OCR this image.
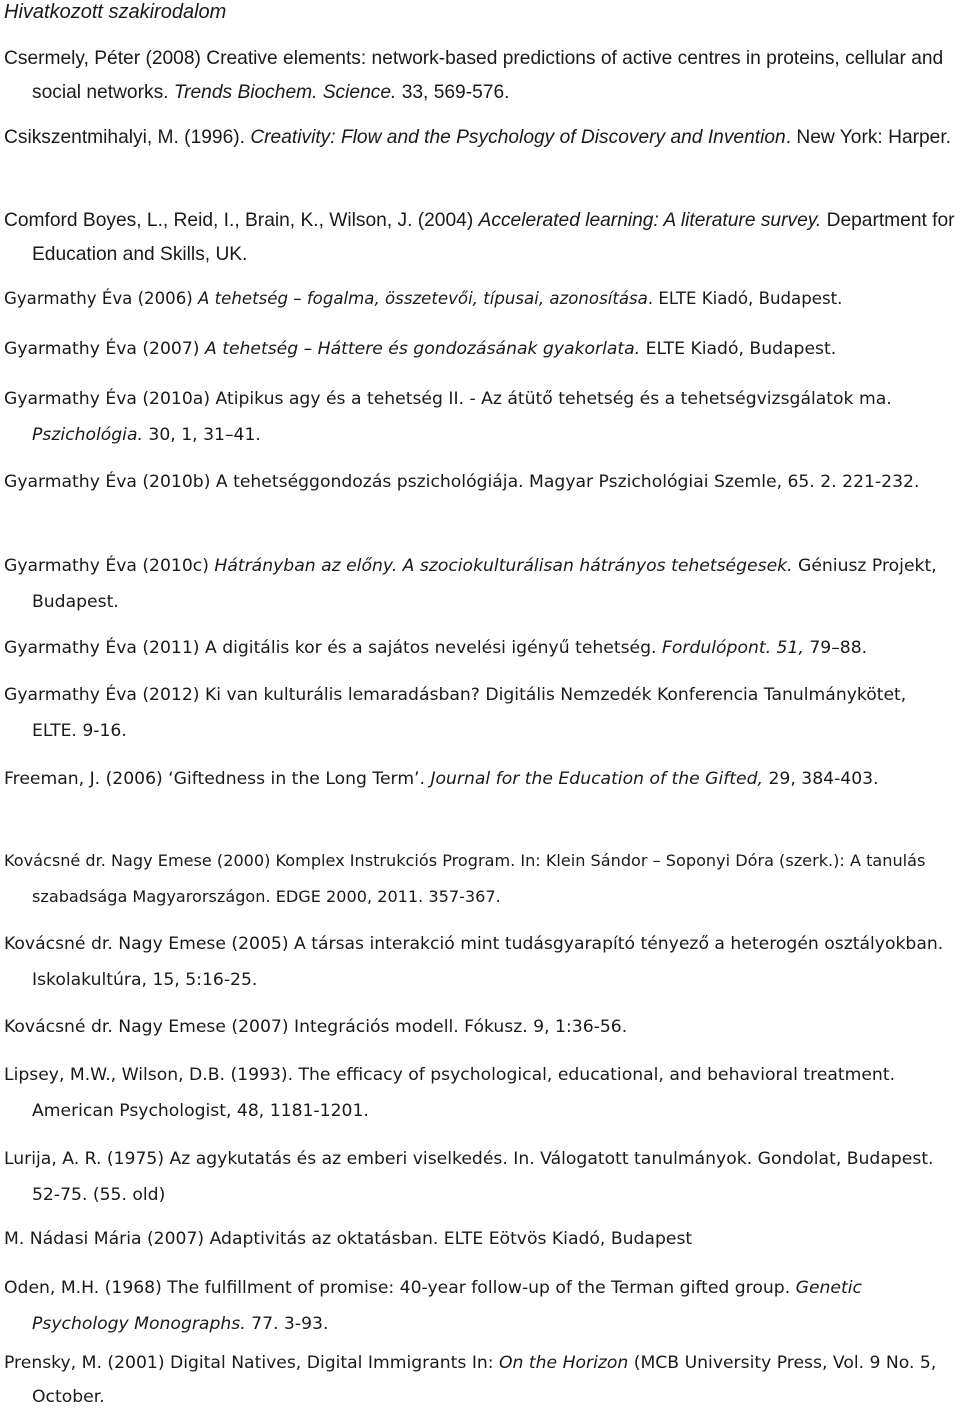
Hivatkozott szakirodalom
Csermely, Péter (2008) Creative elements: network-based predictions of active centres in proteins, cellular and social networks. Trends Biochem. Science. 33, 569-576.
Csikszentmihalyi, M. (1996). Creativity: Flow and the Psychology of Discovery and Invention. New York: Harper.
Comford Boyes, L., Reid, I., Brain, K., Wilson, J. (2004) Accelerated learning: A literature survey. Department for Education and Skills, UK.
Gyarmathy Éva (2006) A tehetség – fogalma, összetevői, típusai, azonosítása. ELTE Kiadó, Budapest.
Gyarmathy Éva (2007) A tehetség – Háttere és gondozásának gyakorlata. ELTE Kiadó, Budapest.
Gyarmathy Éva (2010a) Atipikus agy és a tehetség II. - Az átütő tehetség és a tehetségvizsgálatok ma. Pszichológia. 30, 1, 31–41.
Gyarmathy Éva (2010b) A tehetséggondozás pszichológiája. Magyar Pszichológiai Szemle, 65. 2. 221-232.
Gyarmathy Éva (2010c) Hátrányban az előny. A szociokulturálisan hátrányos tehetségesek. Géniusz Projekt, Budapest.
Gyarmathy Éva (2011) A digitális kor és a sajátos nevelési igényű tehetség. Fordulópont. 51, 79–88.
Gyarmathy Éva (2012) Ki van kulturális lemaradásban? Digitális Nemzedék Konferencia Tanulmánykötet, ELTE. 9-16.
Freeman, J. (2006) ‘Giftedness in the Long Term’. Journal for the Education of the Gifted, 29, 384-403.
Kovácsné dr. Nagy Emese (2000) Komplex Instrukciós Program. In: Klein Sándor – Soponyi Dóra (szerk.): A tanulás szabadsága Magyarországon. EDGE 2000, 2011. 357-367.
Kovácsné dr. Nagy Emese (2005) A társas interakció mint tudásgyarapító tényező a heterogén osztályokban. Iskolakultúra, 15, 5:16-25.
Kovácsné dr. Nagy Emese (2007) Integrációs modell. Fókusz. 9, 1:36-56.
Lipsey, M.W., Wilson, D.B. (1993). The efficacy of psychological, educational, and behavioral treatment. American Psychologist, 48, 1181-1201.
Lurija, A. R. (1975) Az agykutatás és az emberi viselkedés. In. Válogatott tanulmányok. Gondolat, Budapest. 52-75. (55. old)
M. Nádasi Mária (2007) Adaptivitás az oktatásban. ELTE Eötvös Kiadó, Budapest
Oden, M.H. (1968) The fulfillment of promise: 40-year follow-up of the Terman gifted group. Genetic Psychology Monographs. 77. 3-93.
Prensky, M. (2001) Digital Natives, Digital Immigrants In: On the Horizon (MCB University Press, Vol. 9 No. 5, October.
